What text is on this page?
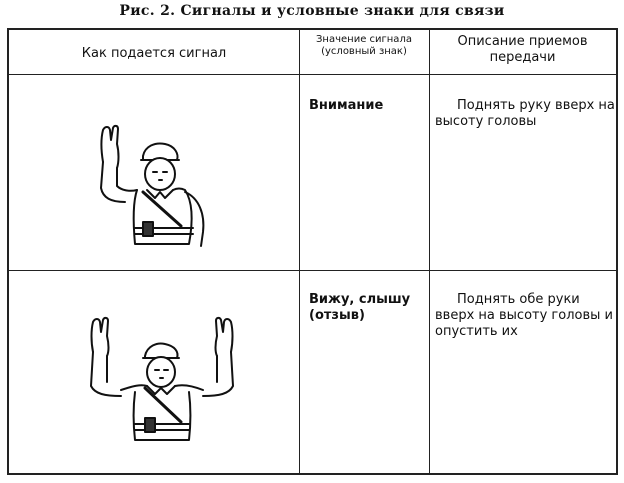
Рис. 2. Сигналы и условные знаки для связи
Как подается сигнал
Значение сигнала (условный знак)
Описание приемов передачи
Внимание	Поднять руку вверх на высоту головы
Вижу, слышу (отзыв)
Поднять обе руки вверх на высоту головы и опустить их
